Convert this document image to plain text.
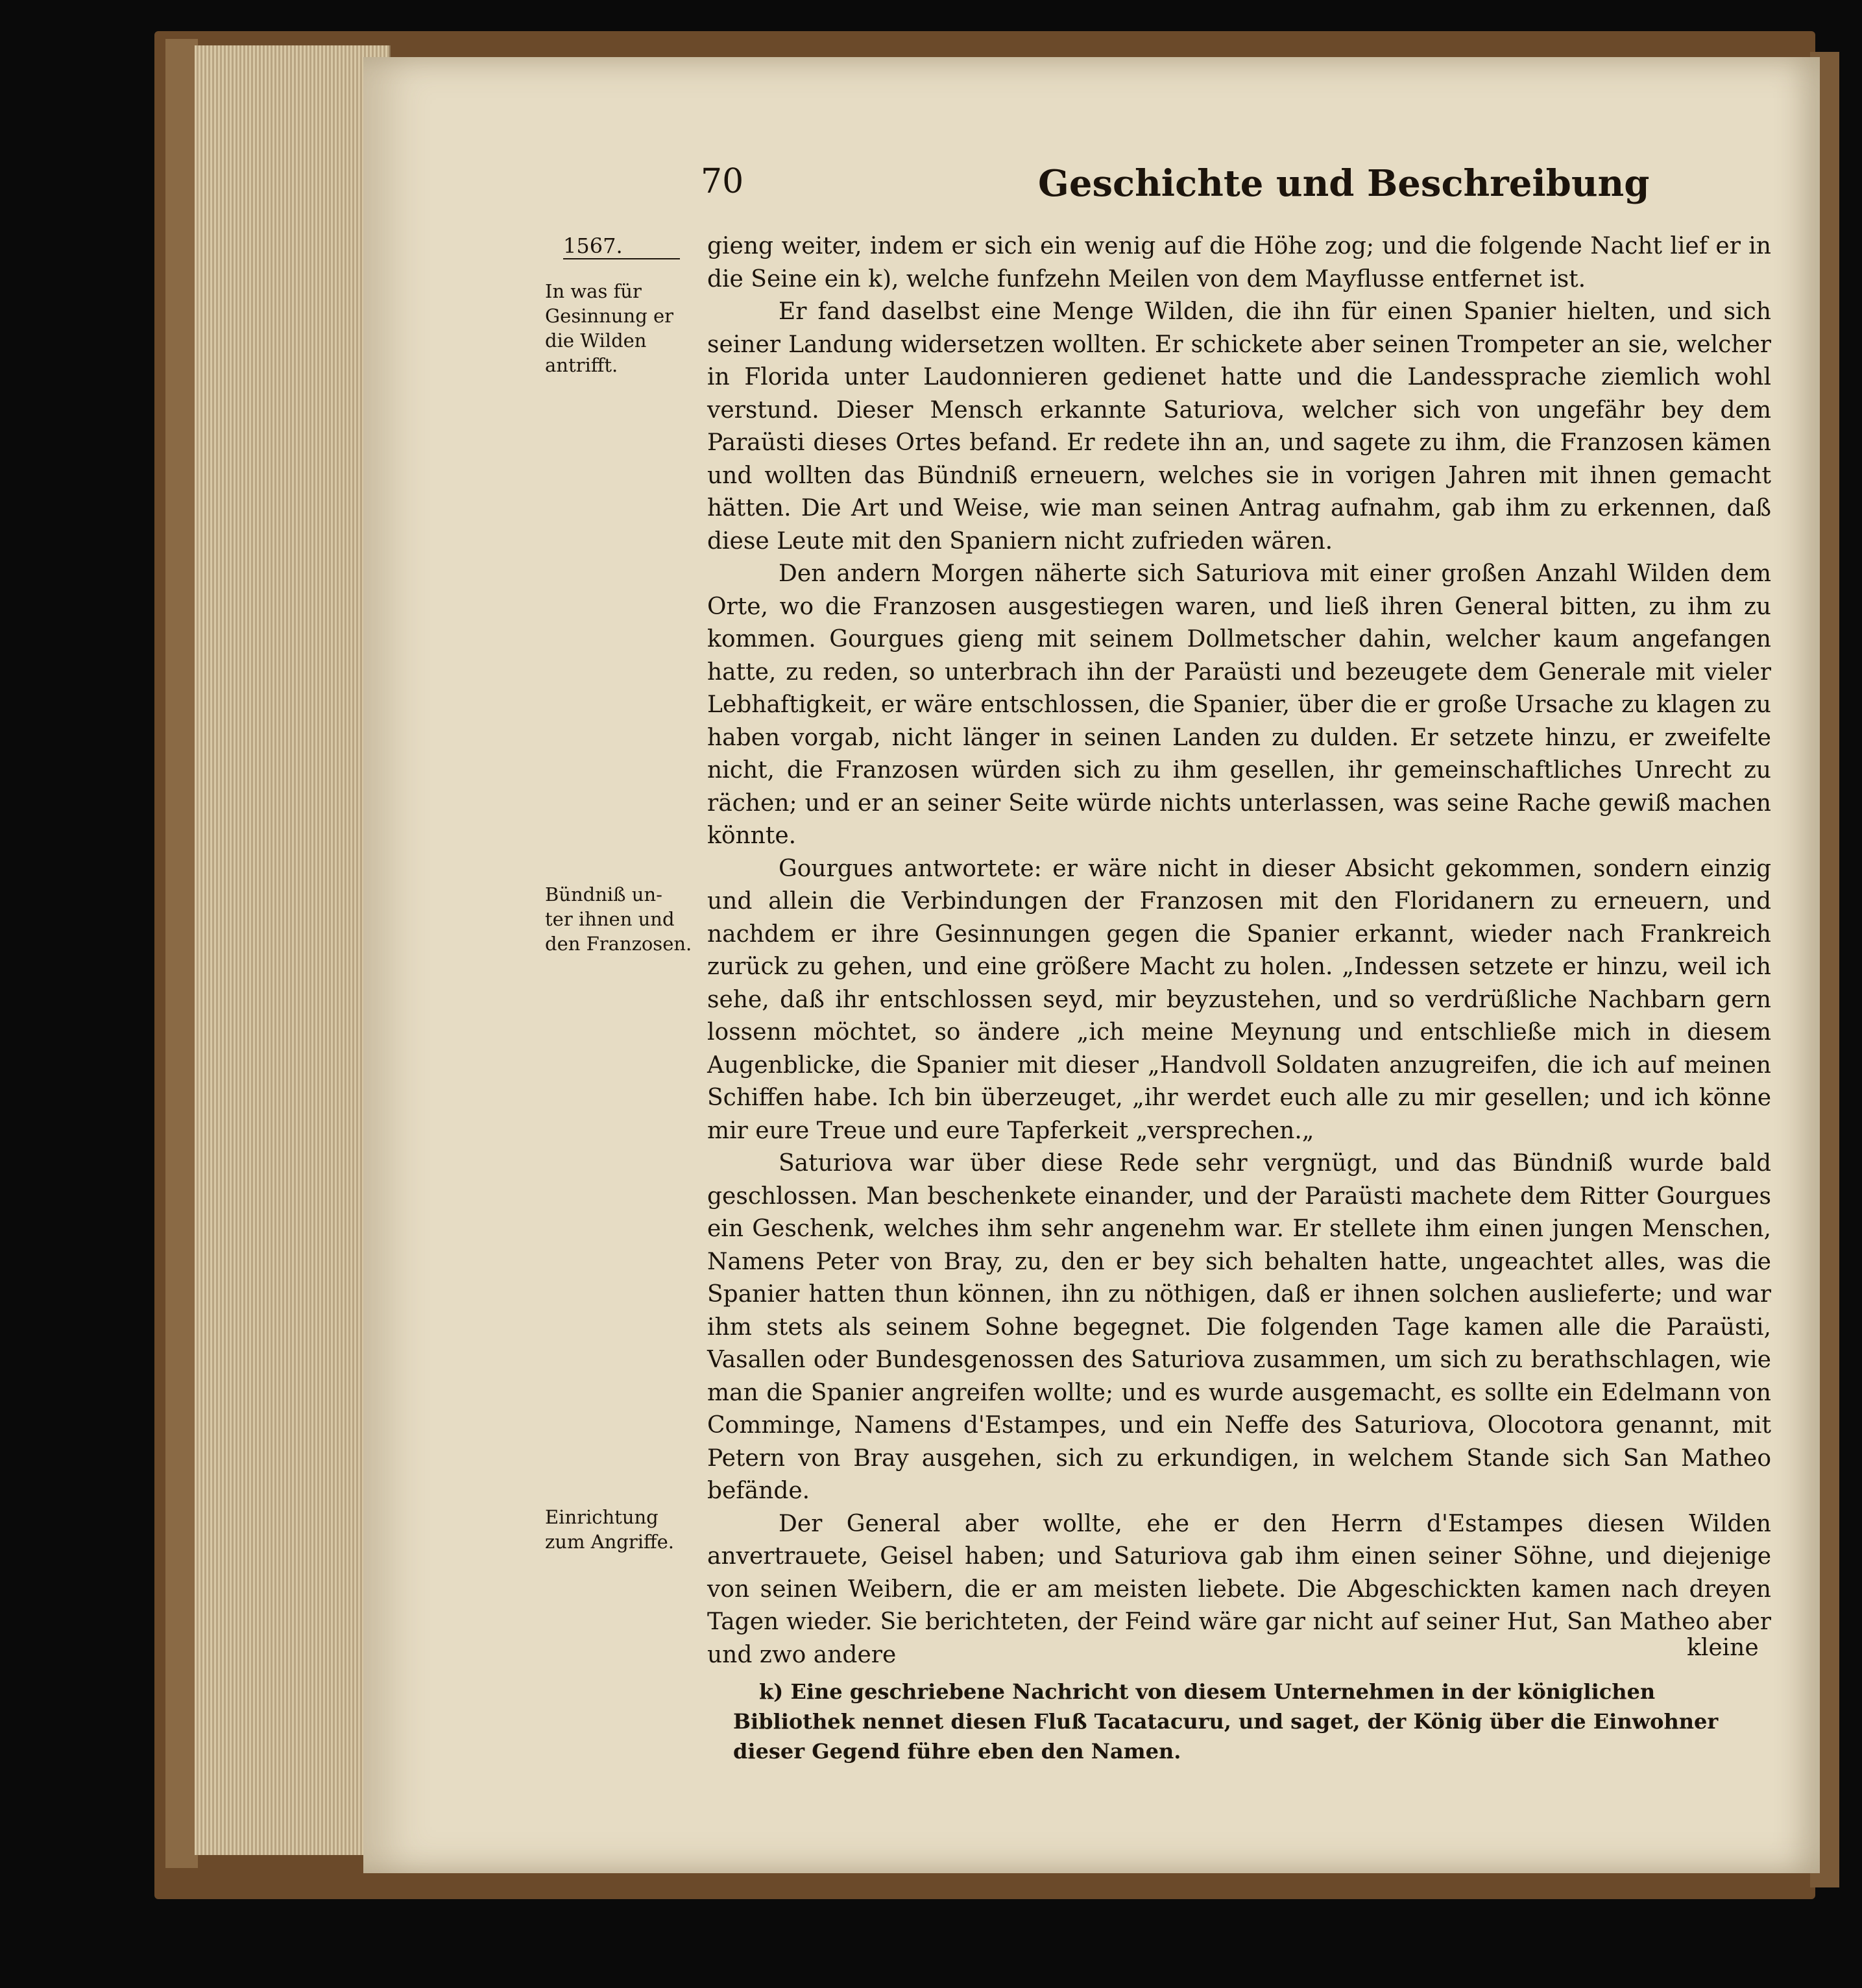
70	Geschichte und Beschreibung
1567.
In was für
Gesinnung er
die Wilden
antrifft.
Bündniß un-
ter ihnen und
den Franzosen.
Einrichtung
zum Angriffe.

gieng weiter, indem er sich ein wenig auf die Höhe zog; und die folgende Nacht lief er in die Seine ein k), welche funfzehn Meilen von dem Mayflusse entfernet ist.

Er fand daselbst eine Menge Wilden, die ihn für einen Spanier hielten, und sich seiner Landung widersetzen wollten. Er schickete aber seinen Trompeter an sie, welcher in Florida unter Laudonnieren gedienet hatte und die Landessprache ziemlich wohl verstund. Dieser Mensch erkannte Saturiova, welcher sich von ungefähr bey dem Paraüsti dieses Ortes befand. Er redete ihn an, und sagete zu ihm, die Franzosen kämen und wollten das Bündniß erneuern, welches sie in vorigen Jahren mit ihnen gemacht hätten. Die Art und Weise, wie man seinen Antrag aufnahm, gab ihm zu erkennen, daß diese Leute mit den Spaniern nicht zufrieden wären.

Den andern Morgen näherte sich Saturiova mit einer großen Anzahl Wilden dem Orte, wo die Franzosen ausgestiegen waren, und ließ ihren General bitten, zu ihm zu kommen. Gourgues gieng mit seinem Dollmetscher dahin, welcher kaum angefangen hatte, zu reden, so unterbrach ihn der Paraüsti und bezeugete dem Generale mit vieler Lebhaftigkeit, er wäre entschlossen, die Spanier, über die er große Ursache zu klagen zu haben vorgab, nicht länger in seinen Landen zu dulden. Er setzete hinzu, er zweifelte nicht, die Franzosen würden sich zu ihm gesellen, ihr gemeinschaftliches Unrecht zu rächen; und er an seiner Seite würde nichts unterlassen, was seine Rache gewiß machen könnte.

Gourgues antwortete: er wäre nicht in dieser Absicht gekommen, sondern einzig und allein die Verbindungen der Franzosen mit den Floridanern zu erneuern, und nachdem er ihre Gesinnungen gegen die Spanier erkannt, wieder nach Frankreich zurück zu gehen, und eine größere Macht zu holen. „Indessen setzete er hinzu, weil ich sehe, daß ihr entschlossen seyd, mir beyzustehen, und so verdrüßliche Nachbarn gern lossenn möchtet, so ändere „ich meine Meynung und entschließe mich in diesem Augenblicke, die Spanier mit dieser „Handvoll Soldaten anzugreifen, die ich auf meinen Schiffen habe. Ich bin überzeuget, „ihr werdet euch alle zu mir gesellen; und ich könne mir eure Treue und eure Tapferkeit „versprechen.„

Saturiova war über diese Rede sehr vergnügt, und das Bündniß wurde bald geschlossen. Man beschenkete einander, und der Paraüsti machete dem Ritter Gourgues ein Geschenk, welches ihm sehr angenehm war. Er stellete ihm einen jungen Menschen, Namens Peter von Bray, zu, den er bey sich behalten hatte, ungeachtet alles, was die Spanier hatten thun können, ihn zu nöthigen, daß er ihnen solchen auslieferte; und war ihm stets als seinem Sohne begegnet. Die folgenden Tage kamen alle die Paraüsti, Vasallen oder Bundesgenossen des Saturiova zusammen, um sich zu berathschlagen, wie man die Spanier angreifen wollte; und es wurde ausgemacht, es sollte ein Edelmann von Comminge, Namens d'Estampes, und ein Neffe des Saturiova, Olocotora genannt, mit Petern von Bray ausgehen, sich zu erkundigen, in welchem Stande sich San Matheo befände.

Der General aber wollte, ehe er den Herrn d'Estampes diesen Wilden anvertrauete, Geisel haben; und Saturiova gab ihm einen seiner Söhne, und diejenige von seinen Weibern, die er am meisten liebete. Die Abgeschickten kamen nach dreyen Tagen wieder. Sie berichteten, der Feind wäre gar nicht auf seiner Hut, San Matheo aber und zwo andere	kleine
k) Eine geschriebene Nachricht von diesem Unternehmen in der königlichen Bibliothek nennet diesen Fluß Tacatacuru, und saget, der König über die Einwohner dieser Gegend führe eben den Namen.
